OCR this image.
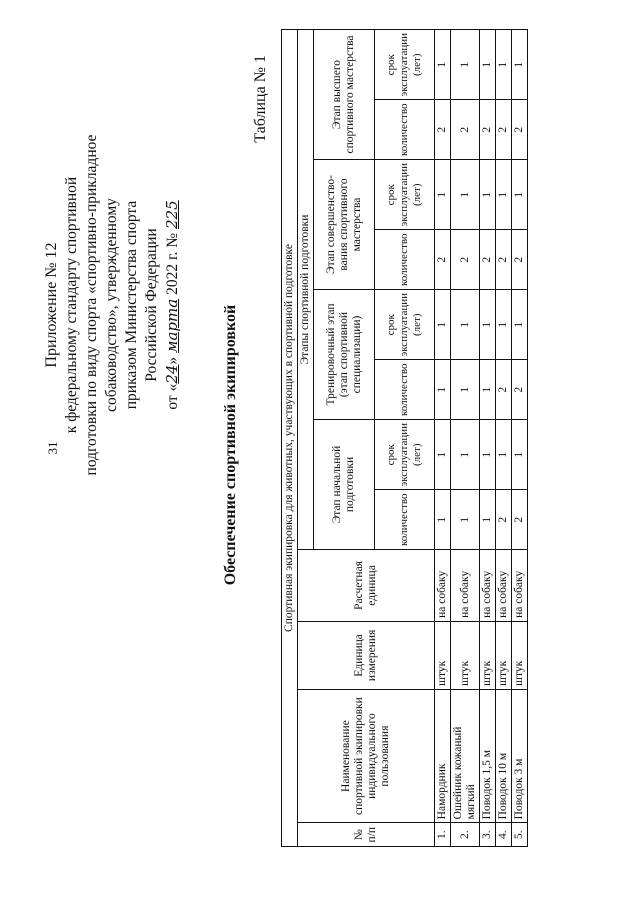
31
Приложение № 12 к федеральному стандарту спортивной подготовки по виду спорта «спортивно-прикладное собаководство», утвержденному приказом Министерства спорта Российской Федерации
от «24» марта 2022 г. № 225
Обеспечение спортивной экипировкой
Таблица № 1
Спортивная экипировка для животных, участвующих в спортивной подготовке											
№ п/п	Наименование спортивной экипировки индивидуального пользования	Единица измерения	Расчетная единица	Этапы спортивной подготовки							
				Этап начальной подготовки		Тренировочный этап (этап спортивной специализации)		Этап совершенство-вания спортивного мастерства		Этап высшего спортивного мастерства	
				количество	срок эксплуатации (лет)	количество	срок эксплуатации (лет)	количество	срок эксплуатации (лет)	количество	срок эксплуатации (лет)
1.	Намордник	штук	на собаку	1	1	1	1	2	1	2	1
2.	Ошейник кожаный мягкий	штук	на собаку	1	1	1	1	2	1	2	1
3.	Поводок 1,5 м	штук	на собаку	1	1	1	1	2	1	2	1
4.	Поводок 10 м	штук	на собаку	2	1	2	1	2	1	2	1
5.	Поводок 3 м	штук	на собаку	2	1	2	1	2	1	2	1
